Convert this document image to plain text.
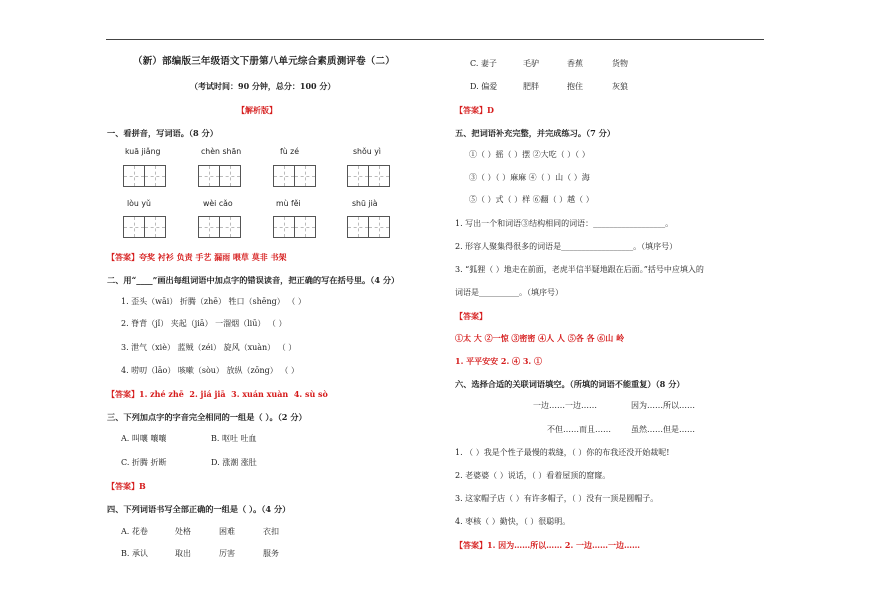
（新）部编版三年级语文下册第八单元综合素质测评卷（二）
（考试时间：90 分钟，总分：100 分）
【解析版】
一、看拼音，写词语。（8 分）
kuā jiǎng	chèn shān	fù zé	shǒu yì
lòu yǔ	wèi cǎo	mù fěi	shū jià
【答案】夸奖 衬衫 负责 手艺 漏雨 喂草 莫非 书架
二、用“____”画出每组词语中加点字的错误读音，把正确的写在括号里。（4 分）
1. 歪头（wāi） 折腾（zhē） 牲口（shēng） （ ）
2. 脊背（jǐ） 夹起（jiā） 一溜烟（liū） （ ）
3. 泄气（xiè） 蓝贼（zéi） 旋风（xuàn） （ ）
4. 唠叨（lāo） 咳嗽（sòu） 放纵（zōng） （ ）
【答案】1. zhé zhē 2. jiá jiā 3. xuán xuàn 4. sù sò
三、下列加点字的字音完全相同的一组是（ ）。（2 分）
A. 叫嚷 嚷嚷	B. 呕吐 吐血
C. 折腾 折断	D. 涨潮 涨肚
【答案】B
四、下列词语书写全部正确的一组是（ ）。（4 分）
A. 花卷	处格	困难	衣扣
B. 承认	取出	厉害	服务
C. 妻子	毛驴	香蕉	货物
D. 偏爱	肥胖	抱住	灰狼
【答案】D
五、把词语补充完整，并完成练习。（7 分）
①（ ）摇（ ）摆 ②大吃（ ）（ ）
③（ ）（ ）麻麻 ④（ ）山（ ）海
⑤（ ）式（ ）样 ⑥翻（ ）越（ ）
1. 写出一个和词语③结构相同的词语：__________________。
2. 形容人聚集得很多的词语是__________________。（填序号）
3. “狐狸（ ）地走在前面，老虎半信半疑地跟在后面。”括号中应填入的
词语是__________。（填序号）
【答案】
①太 大 ②一惊 ③密密 ④人 人 ⑤各 各 ⑥山 岭
1. 平平安安 2. ④ 3. ①
六、选择合适的关联词语填空。（所填的词语不能重复）（8 分）
一边……一边……	因为……所以……
不但……而且……	虽然……但是……
1. （ ）我是个性子最慢的栽缝，（ ）你的布我还没开始裁呢!
2. 老婆婆（ ）说话，（ ）看着屋顶的窟窿。
3. 这家帽子店（ ）有许多帽子，（ ）没有一顶是圆帽子。
4. 枣核（ ）勤快，（ ）很聪明。
【答案】1. 因为……所以…… 2. 一边……一边……
